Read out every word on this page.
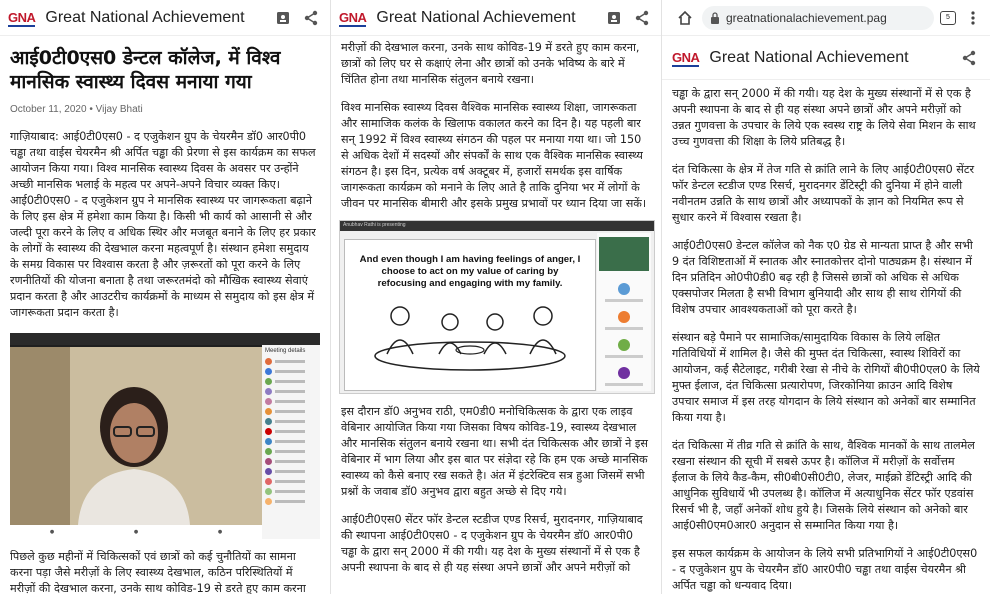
GNA Great National Achievement
आई0टी0एस0 डेन्टल कॉलेज, में विश्व मानसिक स्वास्थ्य दिवस मनाया गया
October 11, 2020 • Vijay Bhati

गाज़ियाबाद: आई0टी0एस0 - द एजुकेशन ग्रुप के चेयरमैन डॉ0 आर0पी0 चड्ढा तथा वाईस चेयरमैन श्री अर्पित चड्ढा की प्रेरणा से इस कार्यक्रम का सफल आयोजन किया गया। विश्व मानसिक स्वास्थ्य दिवस के अवसर पर उन्होंने अच्छी मानसिक भलाई के महत्व पर अपने-अपने विचार व्यक्त किए। आई0टी0एस0 - द एजुकेशन ग्रुप ने मानसिक स्वास्थ्य पर जागरूकता बढ़ाने के लिए इस क्षेत्र में हमेशा काम किया है। किसी भी कार्य को आसानी से और जल्दी पूरा करने के लिए व अधिक स्थिर और मजबूत बनाने के लिए हर प्रकार के लोगों के स्वास्थ्य की देखभाल करना महत्वपूर्ण है। संस्थान हमेशा समुदाय के समग्र विकास पर विश्वास करता है और ज़रूरतों को पूरा करने के लिए रणनीतियों की योजना बनाता है तथा जरूरतमंदो को मौखिक स्वास्थ्य सेवाएं प्रदान करता है और आउटरीच कार्यक्रमों के माध्यम से समुदाय को इस क्षेत्र में जागरूकता प्रदान करता है।

Meeting details
●	●	●

पिछले कुछ महीनों में चिकित्सकों एवं छात्रों को कई चुनौतियों का सामना करना पड़ा जैसे मरीज़ों के लिए स्वास्थ्य देखभाल, कठिन परिस्थितियों में मरीज़ों की देखभाल करना, उनके साथ कोविड-19 से डरते हुए काम करना

GNA Great National Achievement

मरीज़ों की देखभाल करना, उनके साथ कोविड-19 में डरते हुए काम करना, छात्रों को लिए घर से कक्षाएं लेना और छात्रों को उनके भविष्य के बारे में चिंतित होना तथा मानसिक संतुलन बनाये रखना।

विश्व मानसिक स्वास्थ्य दिवस वैश्विक मानसिक स्वास्थ्य शिक्षा, जागरूकता और सामाजिक कलंक के खिलाफ वकालत करने का दिन है। यह पहली बार सन् 1992 में विश्व स्वास्थ्य संगठन की पहल पर मनाया गया था। जो 150 से अधिक देशों में सदस्यों और संपर्कों के साथ एक वैश्विक मानसिक स्वास्थ्य संगठन है। इस दिन, प्रत्येक वर्ष अक्टूबर में, हजारों समर्थक इस वार्षिक जागरूकता कार्यक्रम को मनाने के लिए आते है ताकि दुनिया भर में लोगों के जीवन पर मानसिक बीमारी और इसके प्रमुख प्रभावों पर ध्यान दिया जा सकें।

Anubhav Rathi is presenting
And even though I am having feelings of anger, I choose to act on my value of caring by refocusing and engaging with my family.

इस दौरान डॉ0 अनुभव राठी, एम0डी0 मनोचिकित्सक के द्वारा एक लाइव वेबिनार आयोजित किया गया जिसका विषय कोविड-19, स्वास्थ्य देखभाल और मानसिक संतुलन बनाये रखना था। सभी दंत चिकित्सक और छात्रों ने इस वेबिनार में भाग लिया और इस बात पर संज्ञेदा रहे कि हम एक अच्छे मानसिक स्वास्थ्य को कैसे बनाए रख सकते है। अंत में इंटरेक्टिव सत्र हुआ जिसमें सभी प्रश्नों के जवाब डॉ0 अनुभव द्वारा बहुत अच्छे से दिए गये।

आई0टी0एस0 सेंटर फॉर डेन्टल स्टडीज एण्ड रिसर्च, मुरादनगर, गाज़ियाबाद की स्थापना आई0टी0एस0 - द एजुकेशन ग्रुप के चेयरमैन डॉ0 आर0पी0 चड्ढा के द्वारा सन् 2000 में की गयी। यह देश के मुख्य संस्थानों में से एक है अपनी स्थापना के बाद से ही यह संस्था अपने छात्रों और अपने मरीज़ों को

greatnationalachievement.pag	5
GNA Great National Achievement

चड्ढा के द्वारा सन् 2000 में की गयी। यह देश के मुख्य संस्थानों में से एक है अपनी स्थापना के बाद से ही यह संस्था अपने छात्रों और अपने मरीज़ों को उन्नत गुणवत्ता के उपचार के लिये एक स्वस्थ राष्ट्र के लिये सेवा मिशन के साथ उच्च गुणवत्ता की शिक्षा के लिये प्रतिबद्ध है।

दंत चिकित्सा के क्षेत्र में तेज गति से क्रांति लाने के लिए आई0टी0एस0 सेंटर फॉर डेन्टल स्टडीज एण्ड रिसर्च, मुरादनगर डेंटिस्ट्री की दुनिया में होने वाली नवीनतम उन्नति के साथ छात्रों और अध्यापकों के ज्ञान को नियमित रूप से सुधार करने में विश्वास रखता है।

आई0टी0एस0 डेन्टल कॉलेज को नैक ए0 ग्रेड से मान्यता प्राप्त है और सभी 9 दंत विशिष्टताओं में स्नातक और स्नातकोत्तर दोनो पाठ्यक्रम है। संस्थान में दिन प्रतिदिन ओ0पी0डी0 बढ़ रही है जिससे छात्रों को अधिक से अधिक एक्सपोजर मिलता है सभी विभाग बुनियादी और साथ ही साथ रोगियों की विशेष उपचार आवश्यकताओं को पूरा करते है।

संस्थान बड़े पैमाने पर सामाजिक/सामुदायिक विकास के लिये लक्षित गतिविधियों में शामिल है। जैसे की मुफ्त दंत चिकित्सा, स्वास्थ शिविरों का आयोजन, कई सैटेलाइट, गरीबी रेखा से नीचे के रोगियों बी0पी0एल0 के लिये मुफ्त ईलाज, दंत चिकित्सा प्रत्यारोपण, जिरकोनिया क्राउन आदि विशेष उपचार समाज में इस तरह योगदान के लिये संस्थान को अनेकों बार सम्मानित किया गया है।

दंत चिकित्सा में तीव्र गति से क्रांति के साथ, वैश्विक मानकों के साथ तालमेल रखना संस्थान की सूची में सबसे ऊपर है। कॉलिज में मरीज़ों के सर्वोत्तम ईलाज के लिये कैड-कैम, सी0बी0सी0टी0, लेजर, माईक्रो डेंटिस्ट्री आदि की आधुनिक सुविधायें भी उपलब्ध है। कॉलिज में अत्याधुनिक सेंटर फॉर एडवांस रिसर्च भी है, जहाँ अनेकों शोध हुये है। जिसके लिये संस्थान को अनेको बार आई0सी0एम0आर0 अनुदान से सम्मानित किया गया है।

इस सफल कार्यक्रम के आयोजन के लिये सभी प्रतिभागियों ने आई0टी0एस0 - द एजुकेशन ग्रुप के चेयरमैन डॉ0 आर0पी0 चड्ढा तथा वाईस चेयरमैन श्री अर्पित चड्ढा को धन्यवाद दिया।
